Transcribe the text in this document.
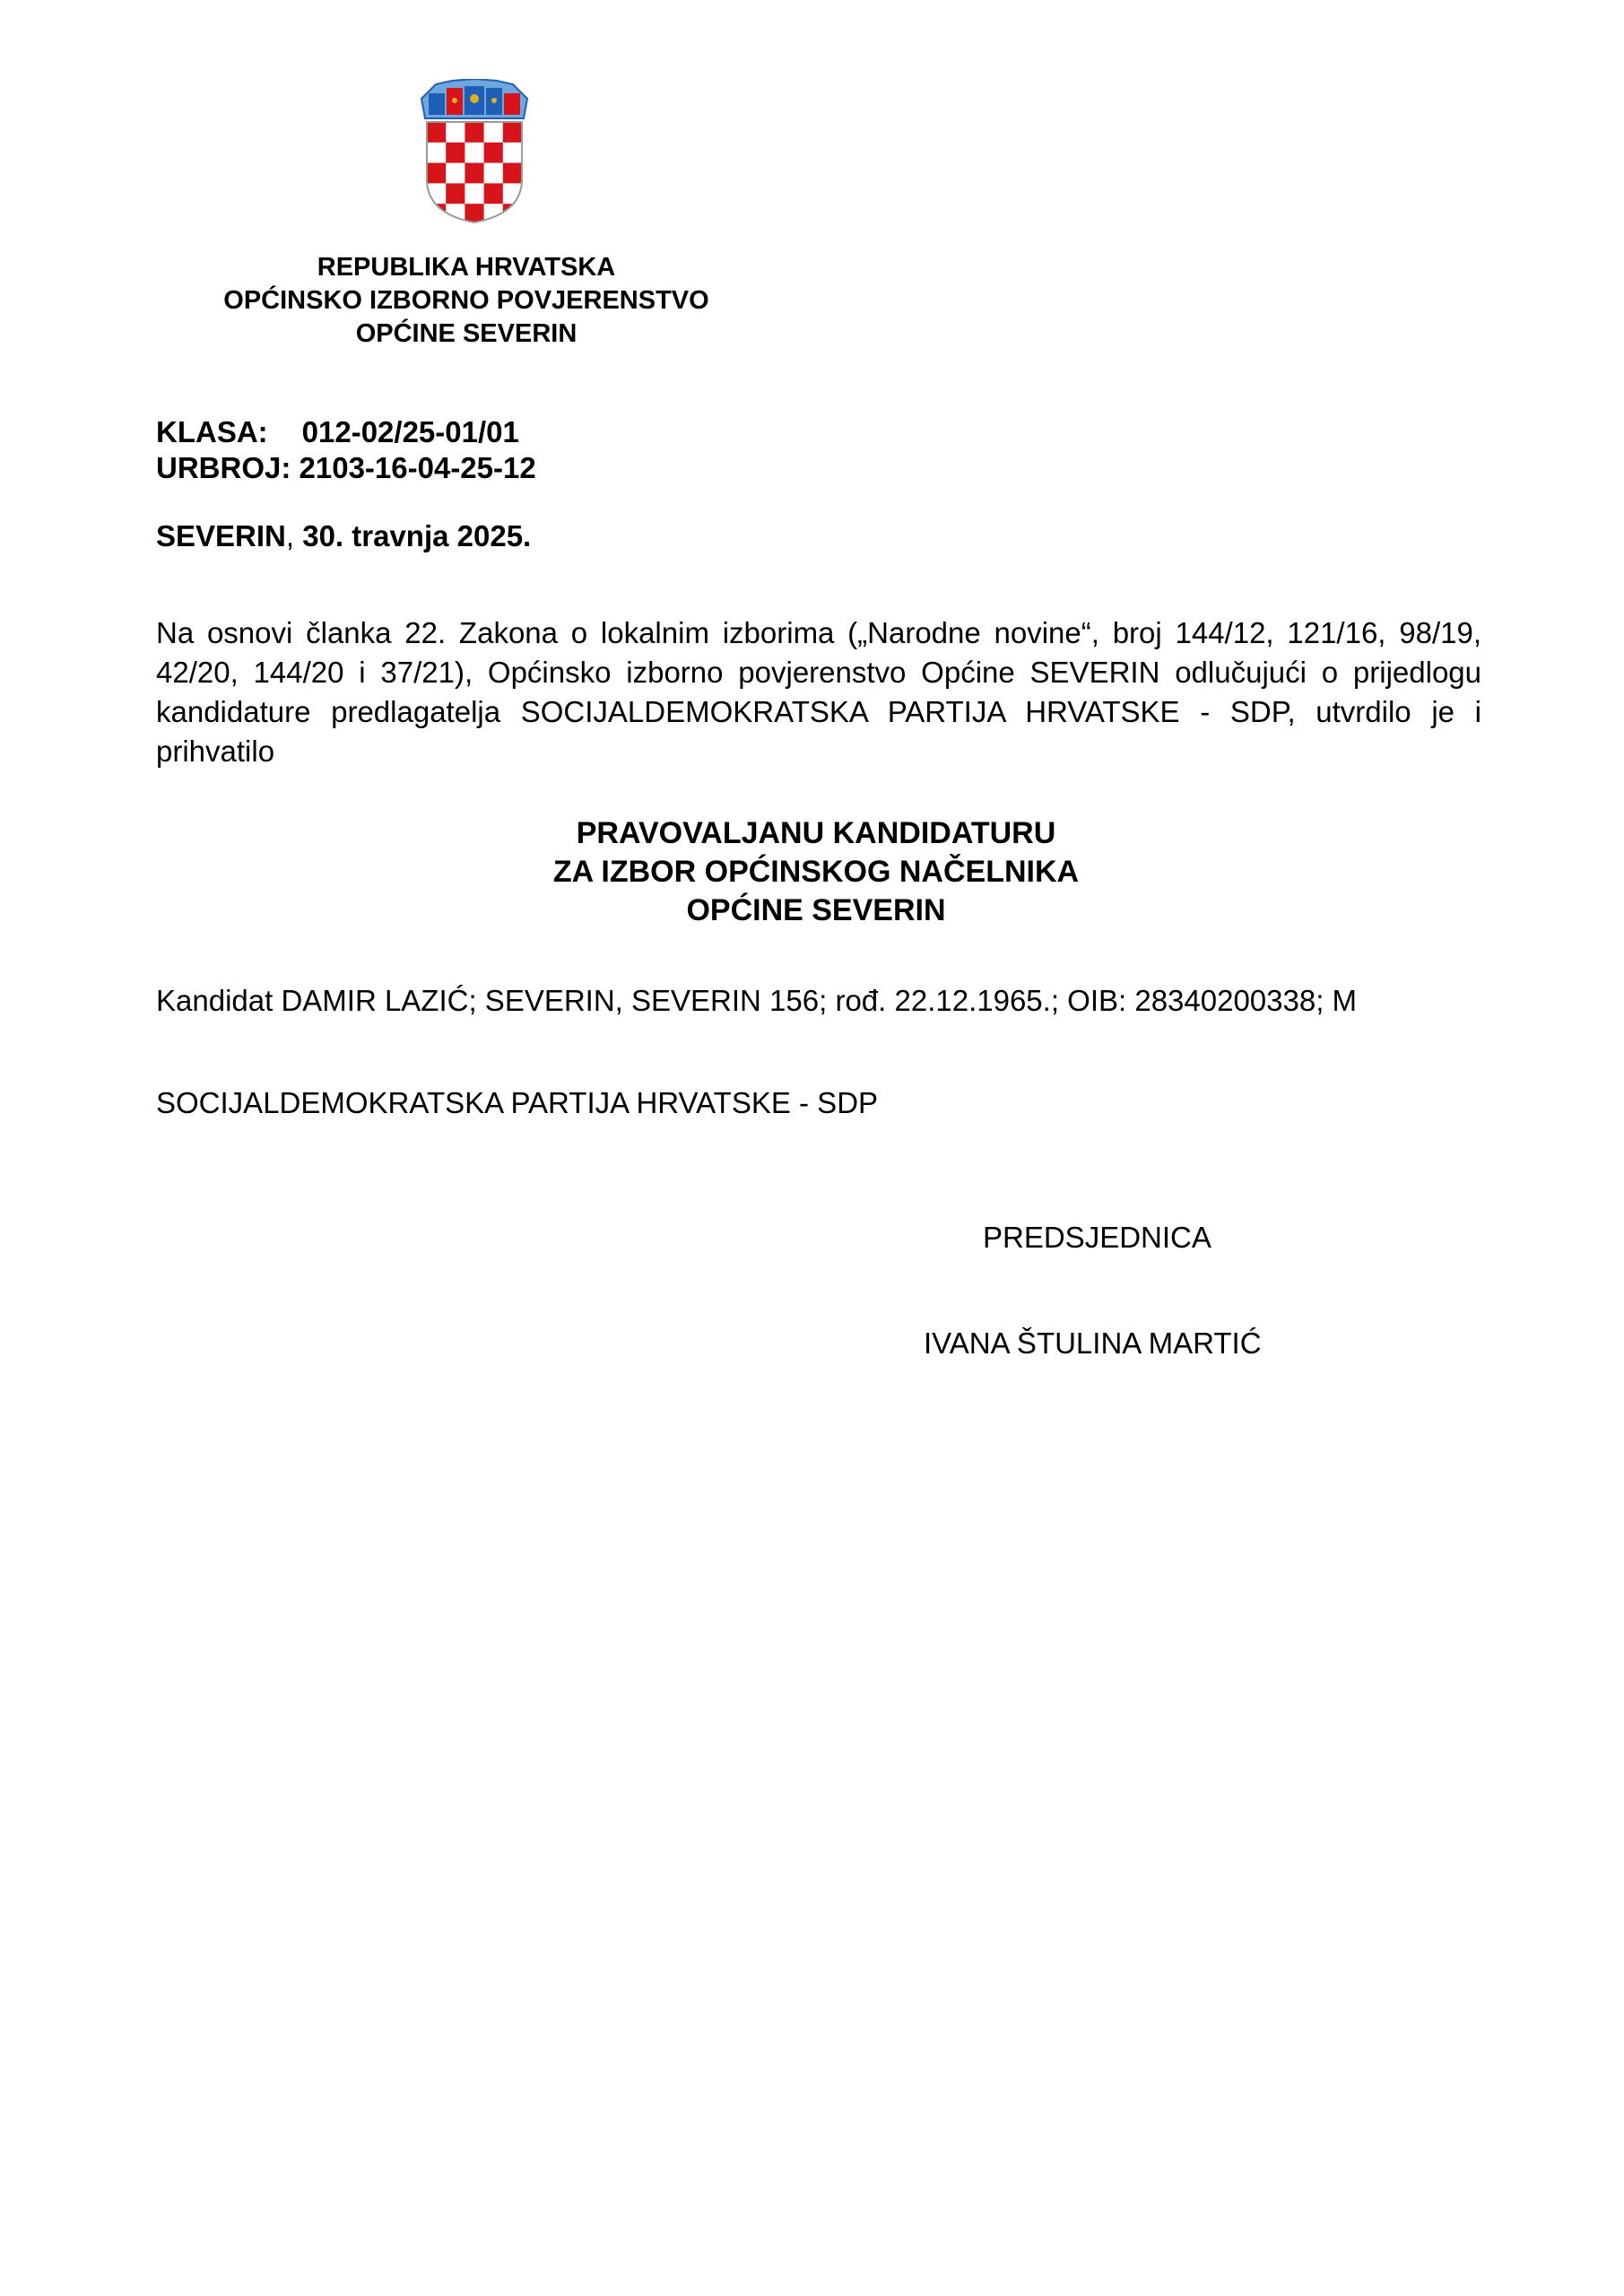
REPUBLIKA HRVATSKA
OPĆINSKO IZBORNO POVJERENSTVO
OPĆINE SEVERIN
KLASA: 012-02/25-01/01
URBROJ: 2103-16-04-25-12
SEVERIN, 30. travnja 2025.
Na osnovi članka 22. Zakona o lokalnim izborima („Narodne novine“, broj 144/12, 121/16, 98/19, 42/20, 144/20 i 37/21), Općinsko izborno povjerenstvo Općine SEVERIN odlučujući o prijedlogu kandidature predlagatelja SOCIJALDEMOKRATSKA PARTIJA HRVATSKE - SDP, utvrdilo je i prihvatilo
PRAVOVALJANU KANDIDATURU
ZA IZBOR OPĆINSKOG NAČELNIKA
OPĆINE SEVERIN
Kandidat DAMIR LAZIĆ; SEVERIN, SEVERIN 156; rođ. 22.12.1965.; OIB: 28340200338; M
SOCIJALDEMOKRATSKA PARTIJA HRVATSKE - SDP
PREDSJEDNICA
IVANA ŠTULINA MARTIĆ
